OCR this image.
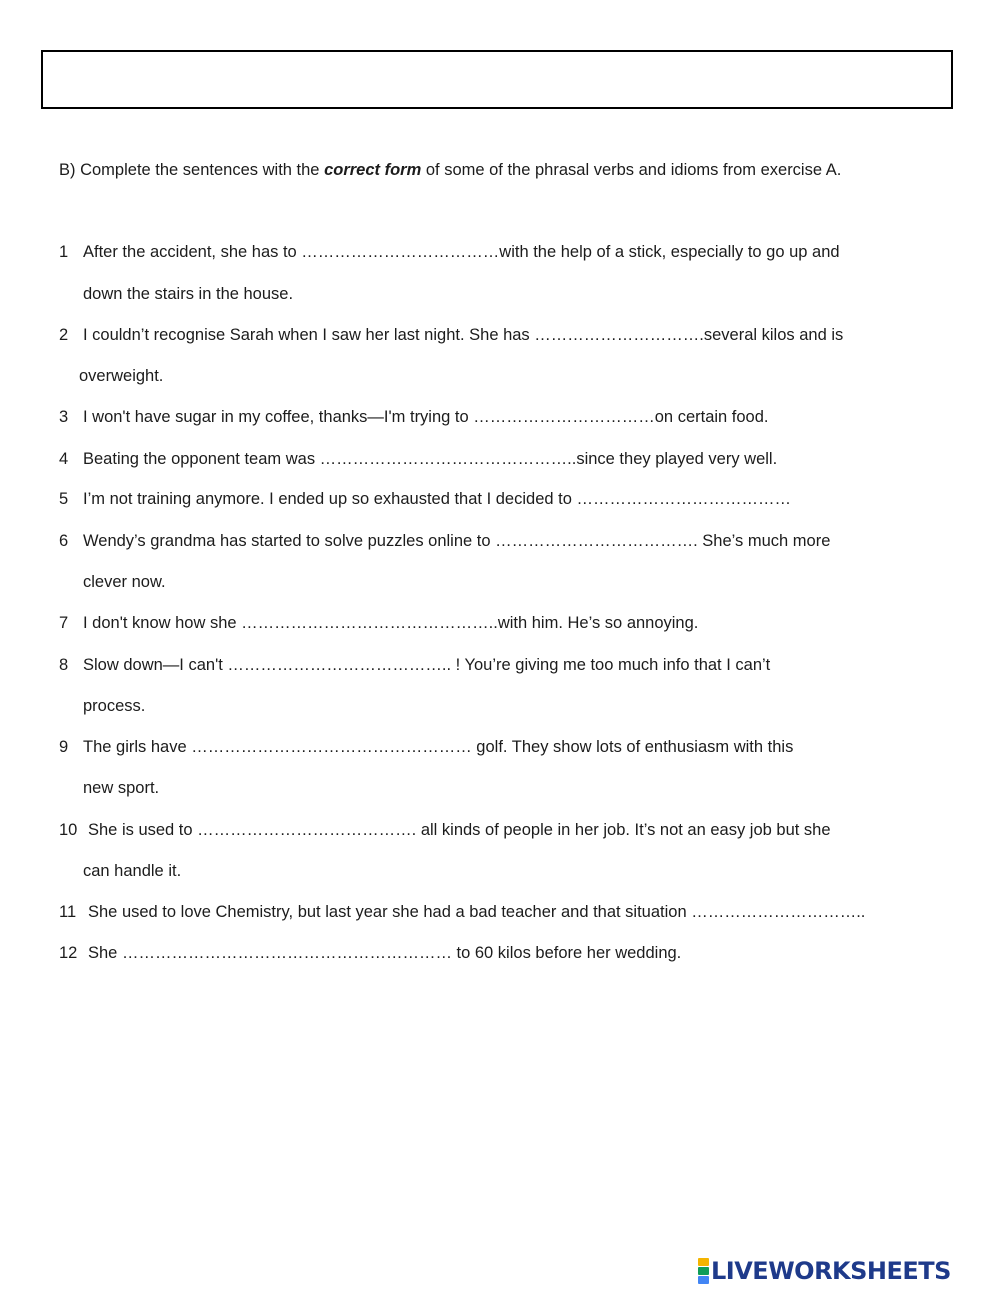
B) Complete the sentences with the correct form of some of the phrasal verbs and idioms from exercise A.
1 After the accident, she has to ………………………………with the help of a stick, especially to go up and
down the stairs in the house.
2 I couldn’t recognise Sarah when I saw her last night. She has ………………………….several kilos and is
overweight.
3 I won't have sugar in my coffee, thanks—I'm trying to ……………………………on certain food.
4 Beating the opponent team was ………………………………………..since they played very well.
5 I’m not training anymore. I ended up so exhausted that I decided to …………………………………
6 Wendy’s grandma has started to solve puzzles online to ………………………………. She’s much more
clever now.
7 I don't know how she ………………………………………..with him. He’s so annoying.
8 Slow down—I can't ………………………………….. ! You’re giving me too much info that I can’t
process.
9 The girls have …………………………………………… golf. They show lots of enthusiasm with this
new sport.
10 She is used to …………………………………. all kinds of people in her job. It’s not an easy job but she
can handle it.
11 She used to love Chemistry, but last year she had a bad teacher and that situation …………………………..
12 She …………………………………………………… to 60 kilos before her wedding.
LIVEWORKSHEETS
